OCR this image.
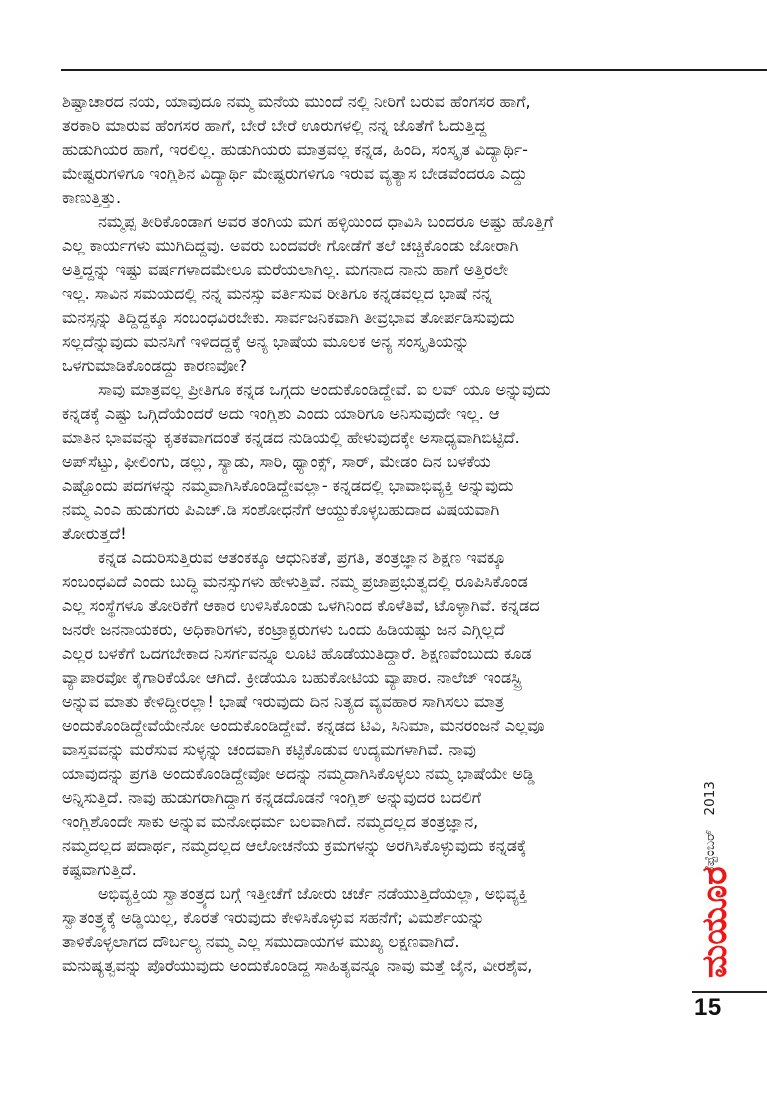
ಶಿಷ್ಟಾಚಾರದ ನಯ, ಯಾವುದೂ ನಮ್ಮ ಮನೆಯ ಮುಂದೆ ನಲ್ಲಿ ನೀರಿಗೆ ಬರುವ ಹೆಂಗಸರ ಹಾಗೆ,
ತರಕಾರಿ ಮಾರುವ ಹೆಂಗಸರ ಹಾಗೆ, ಬೇರೆ ಬೇರೆ ಊರುಗಳಲ್ಲಿ ನನ್ನ ಜೊತೆಗೆ ಓದುತ್ತಿದ್ದ
ಹುಡುಗಿಯರ ಹಾಗೆ, ಇರಲಿಲ್ಲ. ಹುಡುಗಿಯರು ಮಾತ್ರವಲ್ಲ ಕನ್ನಡ, ಹಿಂದಿ, ಸಂಸ್ಕೃತ ವಿದ್ಯಾರ್ಥಿ-
ಮೇಷ್ಟರುಗಳಿಗೂ ಇಂಗ್ಲಿಶಿನ ವಿದ್ಯಾರ್ಥಿ ಮೇಷ್ಟರುಗಳಿಗೂ ಇರುವ ವ್ಯತ್ಯಾಸ ಬೇಡವೆಂದರೂ ಎದ್ದು
ಕಾಣುತ್ತಿತ್ತು.
ನಮ್ಮಪ್ಪ ತೀರಿಕೊಂಡಾಗ ಅವರ ತಂಗಿಯ ಮಗ ಹಳ್ಳಿಯಿಂದ ಧಾವಿಸಿ ಬಂದರೂ ಅಷ್ಟು ಹೊತ್ತಿಗೆ
ಎಲ್ಲ ಕಾರ್ಯಗಳು ಮುಗಿದಿದ್ದವು. ಅವರು ಬಂದವರೇ ಗೋಡೆಗೆ ತಲೆ ಚಚ್ಚಿಕೊಂಡು ಜೋರಾಗಿ
ಅತ್ತಿದ್ದನ್ನು ಇಷ್ಟು ವರ್ಷಗಳಾದಮೇಲೂ ಮರೆಯಲಾಗಿಲ್ಲ. ಮಗನಾದ ನಾನು ಹಾಗೆ ಅತ್ತಿರಲೇ
ಇಲ್ಲ. ಸಾವಿನ ಸಮಯದಲ್ಲಿ ನನ್ನ ಮನಸ್ಸು ವರ್ತಿಸುವ ರೀತಿಗೂ ಕನ್ನಡವಲ್ಲದ ಭಾಷೆ ನನ್ನ
ಮನಸ್ಸನ್ನು ತಿದ್ದಿದ್ದಕ್ಕೂ ಸಂಬಂಧವಿರಬೇಕು. ಸಾರ್ವಜನಿಕವಾಗಿ ತೀವ್ರಭಾವ ತೋರ್ಪಡಿಸುವುದು
ಸಲ್ಲದೆನ್ನುವುದು ಮನಸಿಗೆ ಇಳಿದದ್ದಕ್ಕೆ ಅನ್ಯ ಭಾಷೆಯ ಮೂಲಕ ಅನ್ಯ ಸಂಸ್ಕೃತಿಯನ್ನು
ಒಳಗುಮಾಡಿಕೊಂಡದ್ದು ಕಾರಣವೋ?
ಸಾವು ಮಾತ್ರವಲ್ಲ ಪ್ರೀತಿಗೂ ಕನ್ನಡ ಒಗ್ಗದು ಅಂದುಕೊಂಡಿದ್ದೇವೆ. ಐ ಲವ್ ಯೂ ಅನ್ನುವುದು
ಕನ್ನಡಕ್ಕೆ ಎಷ್ಟು ಒಗ್ಗಿದೆಯೆಂದರೆ ಅದು ಇಂಗ್ಲಿಶು ಎಂದು ಯಾರಿಗೂ ಅನಿಸುವುದೇ ಇಲ್ಲ. ಆ
ಮಾತಿನ ಭಾವವನ್ನು ಕೃತಕವಾಗದಂತೆ ಕನ್ನಡದ ನುಡಿಯಲ್ಲಿ ಹೇಳುವುದಕ್ಕೇ ಅಸಾಧ್ಯವಾಗಿಬಿಟ್ಟಿದೆ.
ಅಪ್‌ಸೆಟ್ಟು, ಫೀಲಿಂಗು, ಡಲ್ಲು, ಸ್ಯಾಡು, ಸಾರಿ, ಥ್ಯಾಂಕ್ಸ್, ಸಾರ್, ಮೇಡಂ ದಿನ ಬಳಕೆಯ
ಎಷ್ಟೊಂದು ಪದಗಳನ್ನು ನಮ್ಮವಾಗಿಸಿಕೊಂಡಿದ್ದೇವಲ್ಲಾ- ಕನ್ನಡದಲ್ಲಿ ಭಾವಾಭಿವ್ಯಕ್ತಿ ಅನ್ನುವುದು
ನಮ್ಮ ಎಂಎ ಹುಡುಗರು ಪಿಎಚ್.ಡಿ ಸಂಶೋಧನೆಗೆ ಆಯ್ದುಕೊಳ್ಳಬಹುದಾದ ವಿಷಯವಾಗಿ
ತೋರುತ್ತದೆ!
ಕನ್ನಡ ಎದುರಿಸುತ್ತಿರುವ ಆತಂಕಕ್ಕೂ ಆಧುನಿಕತೆ, ಪ್ರಗತಿ, ತಂತ್ರಜ್ಞಾನ ಶಿಕ್ಷಣ ಇವಕ್ಕೂ
ಸಂಬಂಧವಿದೆ ಎಂದು ಬುದ್ಧಿ ಮನಸ್ಸುಗಳು ಹೇಳುತ್ತಿವೆ. ನಮ್ಮ ಪ್ರಜಾಪ್ರಭುತ್ವದಲ್ಲಿ ರೂಪಿಸಿಕೊಂಡ
ಎಲ್ಲ ಸಂಸ್ಥೆಗಳೂ ತೋರಿಕೆಗೆ ಆಕಾರ ಉಳಿಸಿಕೊಂಡು ಒಳಗಿನಿಂದ ಕೊಳೆತಿವೆ, ಟೊಳ್ಳಾಗಿವೆ. ಕನ್ನಡದ
ಜನರೇ ಜನನಾಯಕರು, ಅಧಿಕಾರಿಗಳು, ಕಂಟ್ರಾಕ್ಟರುಗಳು ಒಂದು ಹಿಡಿಯಷ್ಟು ಜನ ಎಗ್ಗಿಲ್ಲದೆ
ಎಲ್ಲರ ಬಳಕೆಗೆ ಒದಗಬೇಕಾದ ನಿಸರ್ಗವನ್ನೂ ಲೂಟಿ ಹೊಡೆಯುತಿದ್ದಾರೆ. ಶಿಕ್ಷಣವೆಂಬುದು ಕೂಡ
ವ್ಯಾಪಾರವೋ ಕೈಗಾರಿಕೆಯೋ ಆಗಿದೆ. ಕ್ರೀಡೆಯೂ ಬಹುಕೋಟಿಯ ವ್ಯಾಪಾರ. ನಾಲೆಜ್ ಇಂಡಸ್ಟ್ರಿ
ಅನ್ನುವ ಮಾತು ಕೇಳಿದ್ದೀರಲ್ಲಾ! ಭಾಷೆ ಇರುವುದು ದಿನ ನಿತ್ಯದ ವ್ಯವಹಾರ ಸಾಗಿಸಲು ಮಾತ್ರ
ಅಂದುಕೊಂಡಿದ್ದೇವೆಯೇನೋ ಅಂದುಕೊಂಡಿದ್ದೇವೆ. ಕನ್ನಡದ ಟಿವಿ, ಸಿನಿಮಾ, ಮನರಂಜನೆ ಎಲ್ಲವೂ
ವಾಸ್ತವವನ್ನು ಮರೆಸುವ ಸುಳ್ಳನ್ನು ಚಂದವಾಗಿ ಕಟ್ಟಿಕೊಡುವ ಉದ್ಯಮಗಳಾಗಿವೆ. ನಾವು
ಯಾವುದನ್ನು ಪ್ರಗತಿ ಅಂದುಕೊಂಡಿದ್ದೇವೋ ಅದನ್ನು ನಮ್ಮದಾಗಿಸಿಕೊಳ್ಳಲು ನಮ್ಮ ಭಾಷೆಯೇ ಅಡ್ಡಿ
ಅನ್ನಿಸುತ್ತಿದೆ. ನಾವು ಹುಡುಗರಾಗಿದ್ದಾಗ ಕನ್ನಡದೊಡನೆ ಇಂಗ್ಲಿಶ್ ಅನ್ನುವುದರ ಬದಲಿಗೆ
ಇಂಗ್ಲಿಶೊಂದೇ ಸಾಕು ಅನ್ನುವ ಮನೋಧರ್ಮ ಬಲವಾಗಿದೆ. ನಮ್ಮದಲ್ಲದ ತಂತ್ರಜ್ಞಾನ,
ನಮ್ಮದಲ್ಲದ ಪದಾರ್ಥ, ನಮ್ಮದಲ್ಲದ ಆಲೋಚನೆಯ ಕ್ರಮಗಳನ್ನು ಅರಗಿಸಿಕೊಳ್ಳುವುದು ಕನ್ನಡಕ್ಕೆ
ಕಷ್ಟವಾಗುತ್ತಿದೆ.
ಅಭಿವ್ಯಕ್ತಿಯ ಸ್ವಾತಂತ್ರ್ಯದ ಬಗ್ಗೆ ಇತ್ತೀಚೆಗೆ ಜೋರು ಚರ್ಚೆ ನಡೆಯುತ್ತಿದೆಯಲ್ಲಾ, ಅಭಿವ್ಯಕ್ತಿ
ಸ್ವಾತಂತ್ರ್ಯಕ್ಕೆ ಅಡ್ಡಿಯಿಲ್ಲ, ಕೊರತೆ ಇರುವುದು ಕೇಳಿಸಿಕೊಳ್ಳುವ ಸಹನೆಗೆ; ವಿಮರ್ಶೆಯನ್ನು
ತಾಳಿಕೊಳ್ಳಲಾಗದ ದೌರ್ಬಲ್ಯ ನಮ್ಮ ಎಲ್ಲ ಸಮುದಾಯಗಳ ಮುಖ್ಯ ಲಕ್ಷಣವಾಗಿದೆ.
ಮನುಷ್ಯತ್ವವನ್ನು ಪೊರೆಯುವುದು ಅಂದುಕೊಂಡಿದ್ದ ಸಾಹಿತ್ಯವನ್ನೂ ನಾವು ಮತ್ತೆ ಜೈನ, ವೀರಶೈವ,
ಸೆಪ್ಟೆಂಬರ್
2013
ಮಯೂರ
15
